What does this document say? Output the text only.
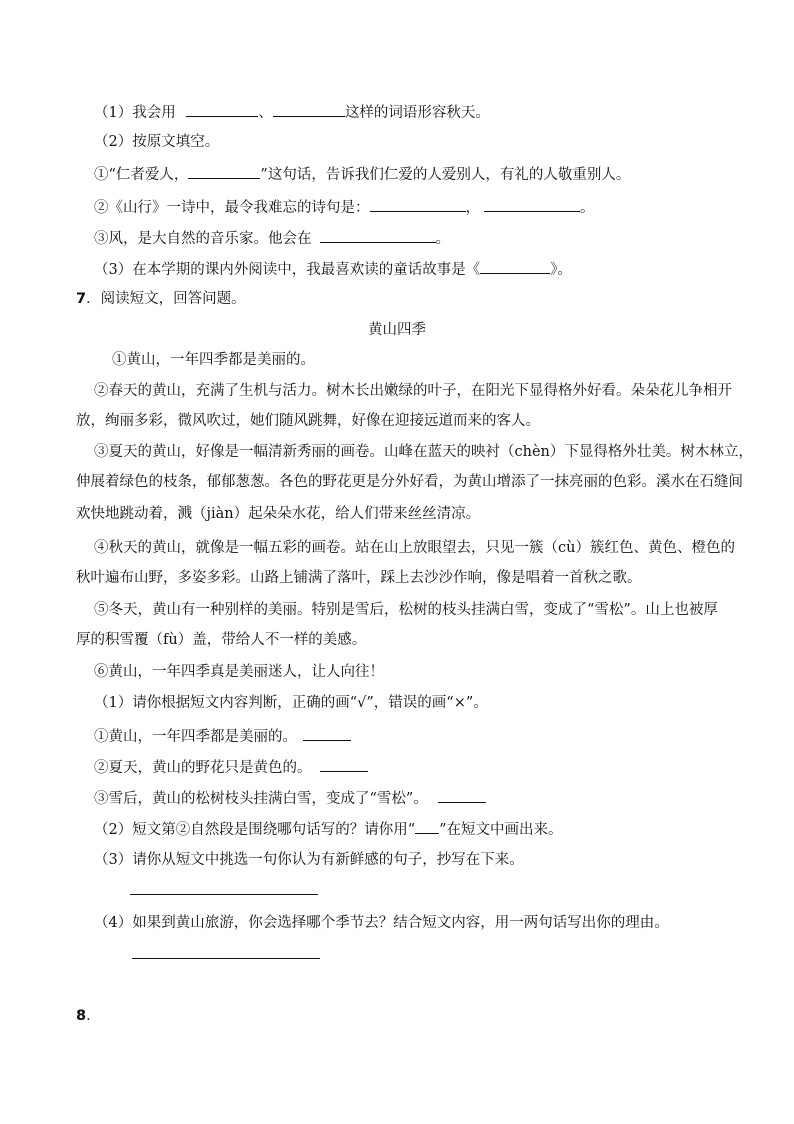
（1）我会用	、	这样的词语形容秋天。
（2）按原文填空。
①“仁者爱人，	”这句话，告诉我们仁爱的人爱别人，有礼的人敬重别人。
②《山行》一诗中，最令我难忘的诗句是：	，	。
③风，是大自然的音乐家。他会在	。
（3）在本学期的课内外阅读中，我最喜欢读的童话故事是《	》。
7．阅读短文，回答问题。
黄山四季
①黄山，一年四季都是美丽的。
②春天的黄山，充满了生机与活力。树木长出嫩绿的叶子，在阳光下显得格外好看。朵朵花儿争相开
放，绚丽多彩，微风吹过，她们随风跳舞，好像在迎接远道而来的客人。
③夏天的黄山，好像是一幅清新秀丽的画卷。山峰在蓝天的映衬（chèn）下显得格外壮美。树木林立，
伸展着绿色的枝条，郁郁葱葱。各色的野花更是分外好看，为黄山增添了一抹亮丽的色彩。溪水在石缝间
欢快地跳动着，溅（jiàn）起朵朵水花，给人们带来丝丝清凉。
④秋天的黄山，就像是一幅五彩的画卷。站在山上放眼望去，只见一簇（cù）簇红色、黄色、橙色的
秋叶遍布山野，多姿多彩。山路上铺满了落叶，踩上去沙沙作响，像是唱着一首秋之歌。
⑤冬天，黄山有一种别样的美丽。特别是雪后，松树的枝头挂满白雪，变成了“雪松”。山上也被厚
厚的积雪覆（fù）盖，带给人不一样的美感。
⑥黄山，一年四季真是美丽迷人，让人向往！
（1）请你根据短文内容判断，正确的画“√”，错误的画“×”。
①黄山，一年四季都是美丽的。
②夏天，黄山的野花只是黄色的。
③雪后，黄山的松树枝头挂满白雪，变成了“雪松”。
（2）短文第②自然段是围绕哪句话写的？请你用“ ”在短文中画出来。
（3）请你从短文中挑选一句你认为有新鲜感的句子，抄写在下来。
（4）如果到黄山旅游，你会选择哪个季节去？结合短文内容，用一两句话写出你的理由。
8．
